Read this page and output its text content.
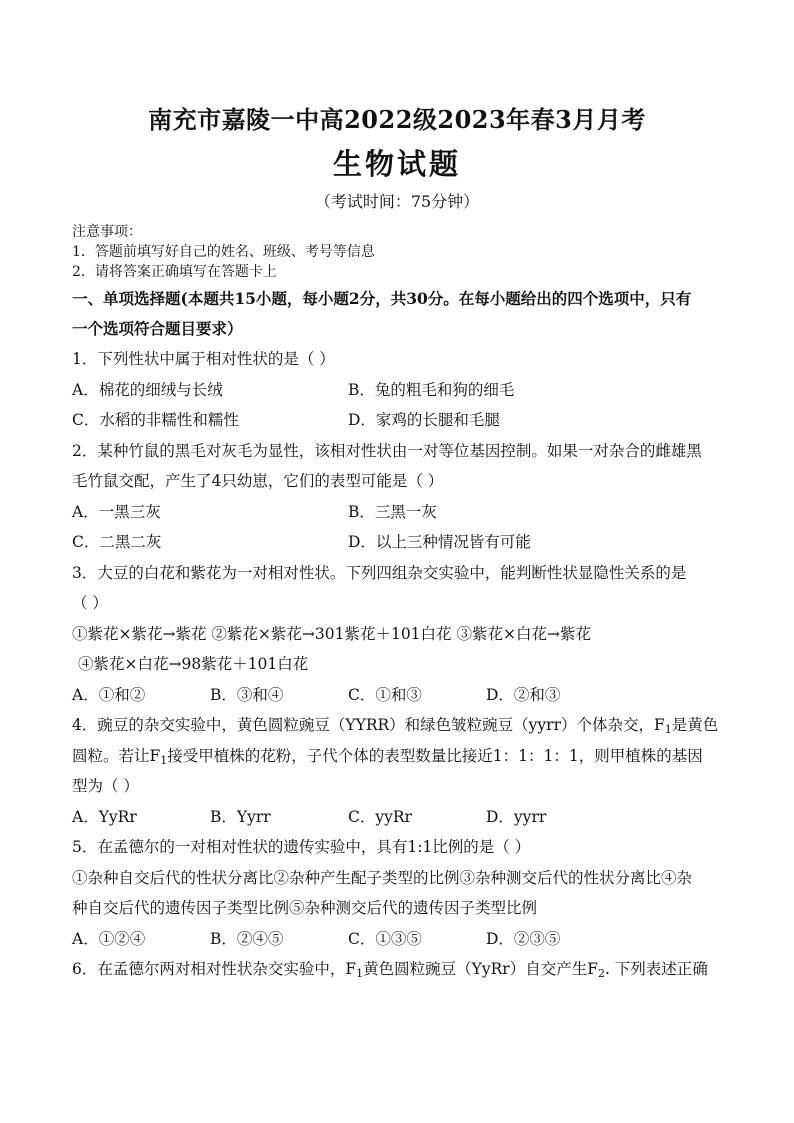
南充市嘉陵一中高2022级2023年春3月月考
生物试题
（考试时间：75分钟）
注意事项：
1．答题前填写好自己的姓名、班级、考号等信息
2．请将答案正确填写在答题卡上
一、单项选择题(本题共15小题，每小题2分，共30分。在每小题给出的四个选项中，只有
一个选项符合题目要求）
1．下列性状中属于相对性状的是（ ）
A．棉花的细绒与长绒	B．兔的粗毛和狗的细毛
C．水稻的非糯性和糯性	D．家鸡的长腿和毛腿
2．某种竹鼠的黑毛对灰毛为显性，该相对性状由一对等位基因控制。如果一对杂合的雌雄黑
毛竹鼠交配，产生了4只幼崽，它们的表型可能是（ ）
A．一黑三灰	B．三黑一灰
C．二黑二灰	D．以上三种情况皆有可能
3．大豆的白花和紫花为一对相对性状。下列四组杂交实验中，能判断性状显隐性关系的是
（ ）
①紫花×紫花→紫花 ②紫花×紫花→301紫花＋101白花 ③紫花×白花→紫花
④紫花×白花→98紫花＋101白花
A．①和②	B．③和④	C．①和③	D．②和③
4．豌豆的杂交实验中，黄色圆粒豌豆（YYRR）和绿色皱粒豌豆（yyrr）个体杂交，$F_1$是黄色
圆粒。若让$F_1$接受甲植株的花粉，子代个体的表型数量比接近1：1：1：1，则甲植株的基因
型为（ ）
A．YyRr	B．Yyrr	C．yyRr	D．yyrr
5．在孟德尔的一对相对性状的遗传实验中，具有1:1比例的是（ ）
①杂种自交后代的性状分离比②杂种产生配子类型的比例③杂种测交后代的性状分离比④杂
种自交后代的遗传因子类型比例⑤杂种测交后代的遗传因子类型比例
A．①②④	B．②④⑤	C．①③⑤	D．②③⑤
6．在孟德尔两对相对性状杂交实验中，$F_1$黄色圆粒豌豆（YyRr）自交产生$F_2$. 下列表述正确
